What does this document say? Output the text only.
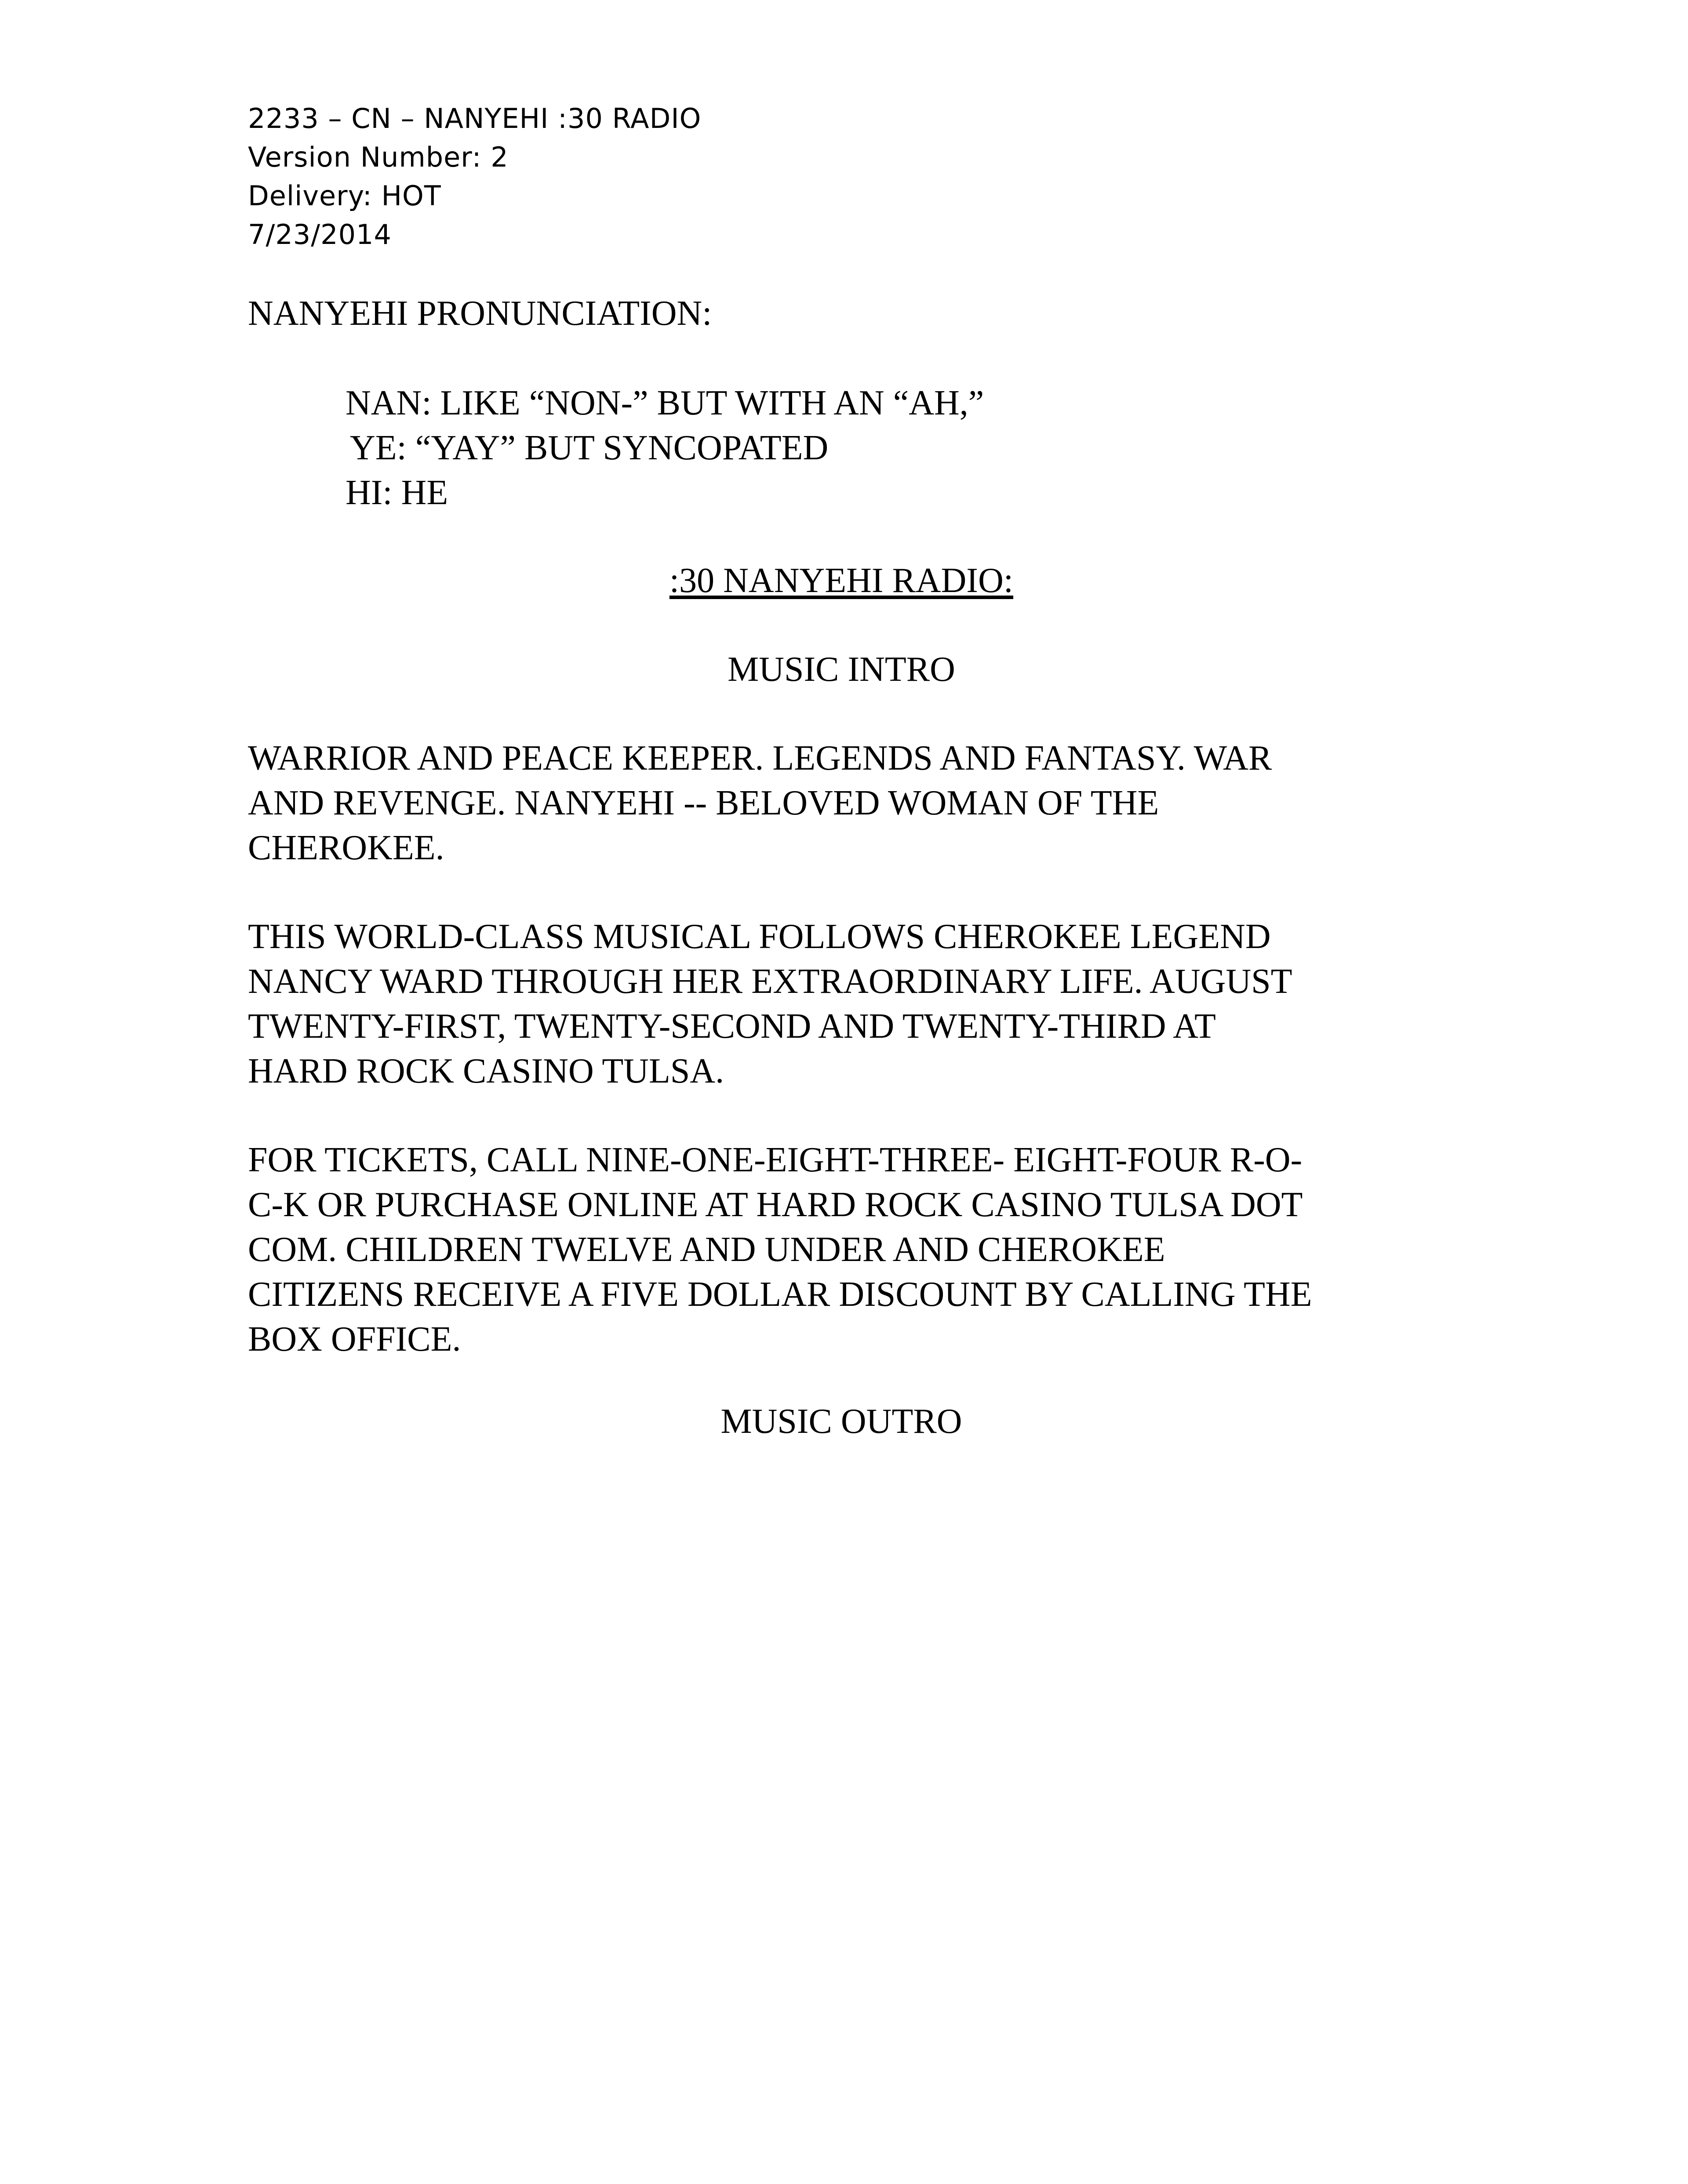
2233 – CN – NANYEHI :30 RADIO
Version Number: 2
Delivery: HOT
7/23/2014
NANYEHI PRONUNCIATION:
NAN: LIKE “NON-” BUT WITH AN “AH,”
YE: “YAY” BUT SYNCOPATED
HI: HE
:30 NANYEHI RADIO:
MUSIC INTRO
WARRIOR AND PEACE KEEPER. LEGENDS AND FANTASY. WAR
AND REVENGE. NANYEHI -- BELOVED WOMAN OF THE
CHEROKEE.
THIS WORLD-CLASS MUSICAL FOLLOWS CHEROKEE LEGEND
NANCY WARD THROUGH HER EXTRAORDINARY LIFE. AUGUST
TWENTY-FIRST, TWENTY-SECOND AND TWENTY-THIRD AT
HARD ROCK CASINO TULSA.
FOR TICKETS, CALL NINE-ONE-EIGHT-THREE- EIGHT-FOUR R-O-
C-K OR PURCHASE ONLINE AT HARD ROCK CASINO TULSA DOT
COM. CHILDREN TWELVE AND UNDER AND CHEROKEE
CITIZENS RECEIVE A FIVE DOLLAR DISCOUNT BY CALLING THE
BOX OFFICE.
MUSIC OUTRO
